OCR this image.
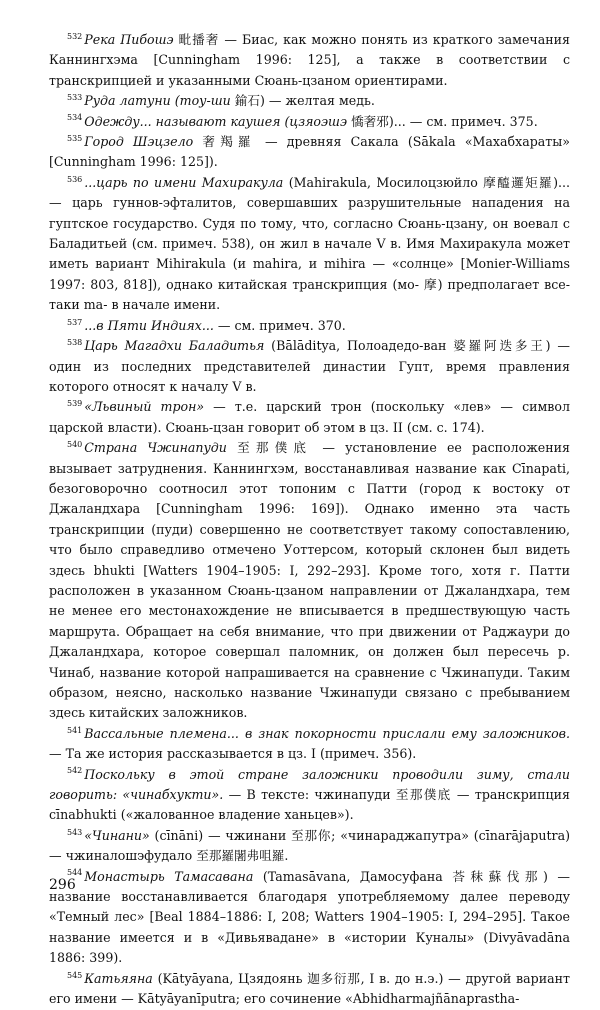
$^{532}$ Река Пибошэ 毗播奢 — Биас, как можно понять из краткого замечания Каннингхэма [Cunningham 1996: 125], а также в соответствии с транскрипцией и указанными Сюань-цзаном ориентирами.

$^{533}$ Руда латуни (тоу-ши 鍮石) — желтая медь.

$^{534}$ Одежду... называют каушея (цзяоэшэ 憍奢邪)... — см. примеч. 375.

$^{535}$ Город Шэцзело 奢羯羅 — древняя Сакала (Sākala «Махабхараты» [Cunningham 1996: 125]).

$^{536}$ ...царь по имени Махиракула (Mahirakula, Мосилоцзюйло 摩醯邏矩羅)... — царь гуннов-эфталитов, совершавших разрушительные нападения на гуптское государство. Судя по тому, что, согласно Сюань-цзану, он воевал с Баладитьей (см. примеч. 538), он жил в начале V в. Имя Махиракула может иметь вариант Mihirakula (и mahira, и mihira — «солнце» [Monier-Williams 1997: 803, 818]), однако китайская транскрипция (мо- 摩) предполагает все-таки ma- в начале имени.

$^{537}$ ...в Пяти Индиях... — см. примеч. 370.

$^{538}$ Царь Магадхи Баладитья (Bālāditya, Полоадедо-ван 婆羅阿迭多王) — один из последних представителей династии Гупт, время правления которого относят к началу V в.

$^{539}$ «Львиный трон» — т.е. царский трон (поскольку «лев» — символ царской власти). Сюань-цзан говорит об этом в цз. II (см. с. 174).

$^{540}$ Страна Чжинапуди 至那僕底 — установление ее расположения вызывает затруднения. Каннингхэм, восстанавливая название как Cīnapati, безоговорочно соотносил этот топоним с Патти (город к востоку от Джаландхара [Cunningham 1996: 169]). Однако именно эта часть транскрипции (пуди) совершенно не соответствует такому сопоставлению, что было справедливо отмечено Уоттерсом, который склонен был видеть здесь bhukti [Watters 1904–1905: I, 292–293]. Кроме того, хотя г. Патти расположен в указанном Сюань-цзаном направлении от Джаландхара, тем не менее его местонахождение не вписывается в предшествующую часть маршрута. Обращает на себя внимание, что при движении от Раджаури до Джаландхара, которое совершал паломник, он должен был пересечь р. Чинаб, название которой напрашивается на сравнение с Чжинапуди. Таким образом, неясно, насколько название Чжинапуди связано с пребыванием здесь китайских заложников.

$^{541}$ Вассальные племена... в знак покорности прислали ему заложников. — Та же история рассказывается в цз. I (примеч. 356).

$^{542}$ Поскольку в этой стране заложники проводили зиму, стали говорить: «чинабхукти». — В тексте: чжинапуди 至那僕底 — транскрипция cīnabhukti («жалованное владение ханьцев»).

$^{543}$ «Чинани» (cīnāni) — чжинани 至那你; «чинараджапутра» (cīnarājaputra) — чжиналошэфудало 至那羅闍弗咀羅.

$^{544}$ Монастырь Тамасавана (Tamasāvana, Дамосуфана 荅秣蘇伐那) — название восстанавливается благодаря употребляемому далее переводу «Темный лес» [Beal 1884–1886: I, 208; Watters 1904–1905: I, 294–295]. Такое название имеется и в «Дивьявадане» в «истории Куналы» (Divyāvadāna 1886: 399).

$^{545}$ Катьяяна (Kātyāyana, Цзядоянь 迦多衍那, I в. до н.э.) — другой вариант его имени — Kātyāyanīputra; его сочинение «Abhidharmajñānaprastha-

296
